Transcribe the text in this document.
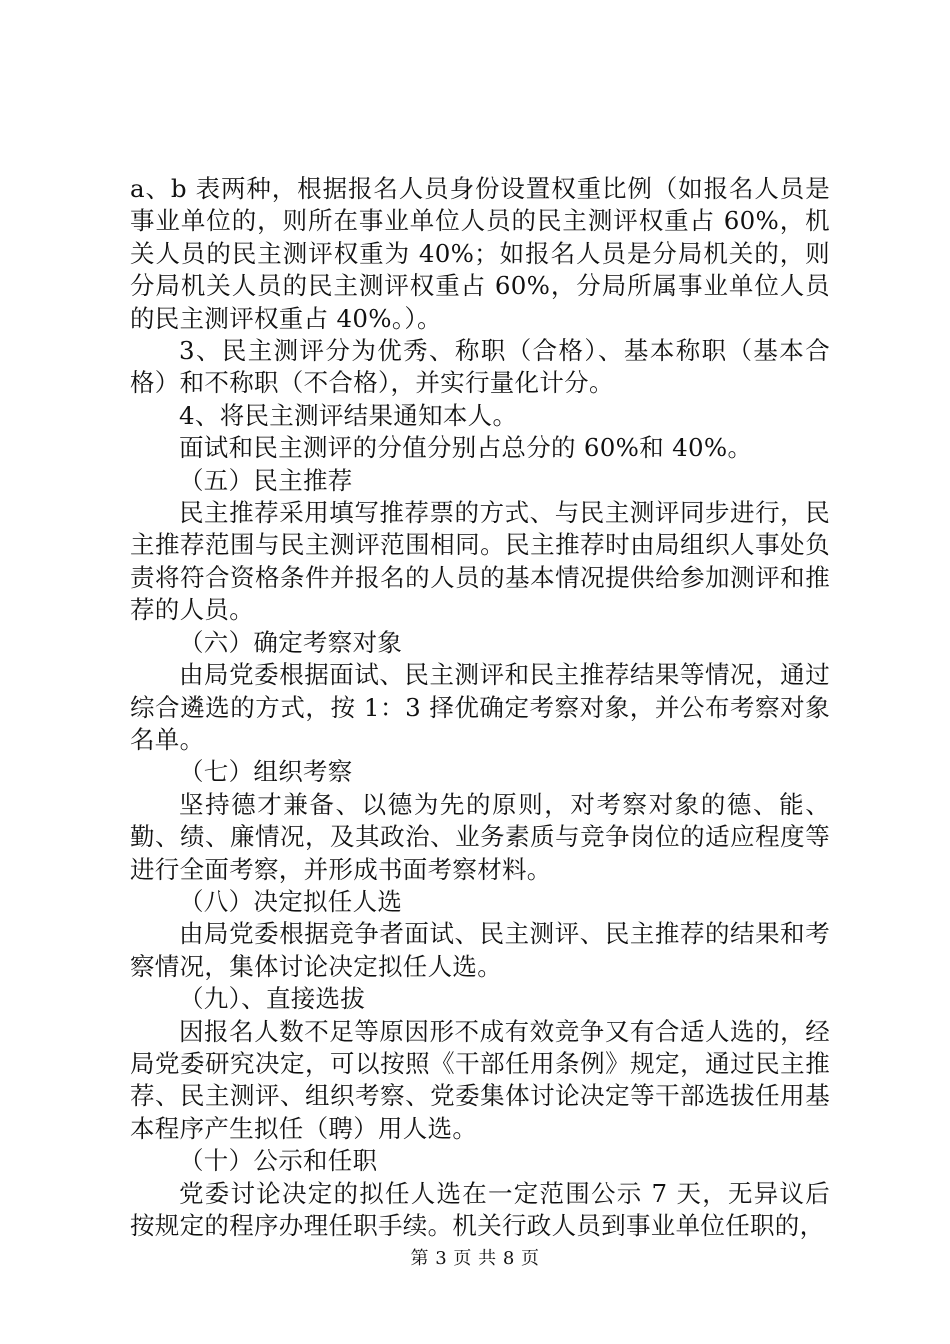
a、b 表两种，根据报名人员身份设置权重比例（如报名人员是事业单位的，则所在事业单位人员的民主测评权重占 60%，机关人员的民主测评权重为 40%；如报名人员是分局机关的，则分局机关人员的民主测评权重占 60%，分局所属事业单位人员的民主测评权重占 40%。）。

3、民主测评分为优秀、称职（合格）、基本称职（基本合格）和不称职（不合格），并实行量化计分。

4、将民主测评结果通知本人。

面试和民主测评的分值分别占总分的 60%和 40%。

（五）民主推荐

民主推荐采用填写推荐票的方式、与民主测评同步进行，民主推荐范围与民主测评范围相同。民主推荐时由局组织人事处负责将符合资格条件并报名的人员的基本情况提供给参加测评和推荐的人员。

（六）确定考察对象

由局党委根据面试、民主测评和民主推荐结果等情况，通过综合遴选的方式，按 1：3 择优确定考察对象，并公布考察对象名单。

（七）组织考察

坚持德才兼备、以德为先的原则，对考察对象的德、能、勤、绩、廉情况，及其政治、业务素质与竞争岗位的适应程度等进行全面考察，并形成书面考察材料。

（八）决定拟任人选

由局党委根据竞争者面试、民主测评、民主推荐的结果和考察情况，集体讨论决定拟任人选。

（九）、直接选拔

因报名人数不足等原因形不成有效竞争又有合适人选的，经局党委研究决定，可以按照《干部任用条例》规定，通过民主推荐、民主测评、组织考察、党委集体讨论决定等干部选拔任用基本程序产生拟任（聘）用人选。

（十）公示和任职

党委讨论决定的拟任人选在一定范围公示 7 天，无异议后按规定的程序办理任职手续。机关行政人员到事业单位任职的，

第 3 页 共 8 页
